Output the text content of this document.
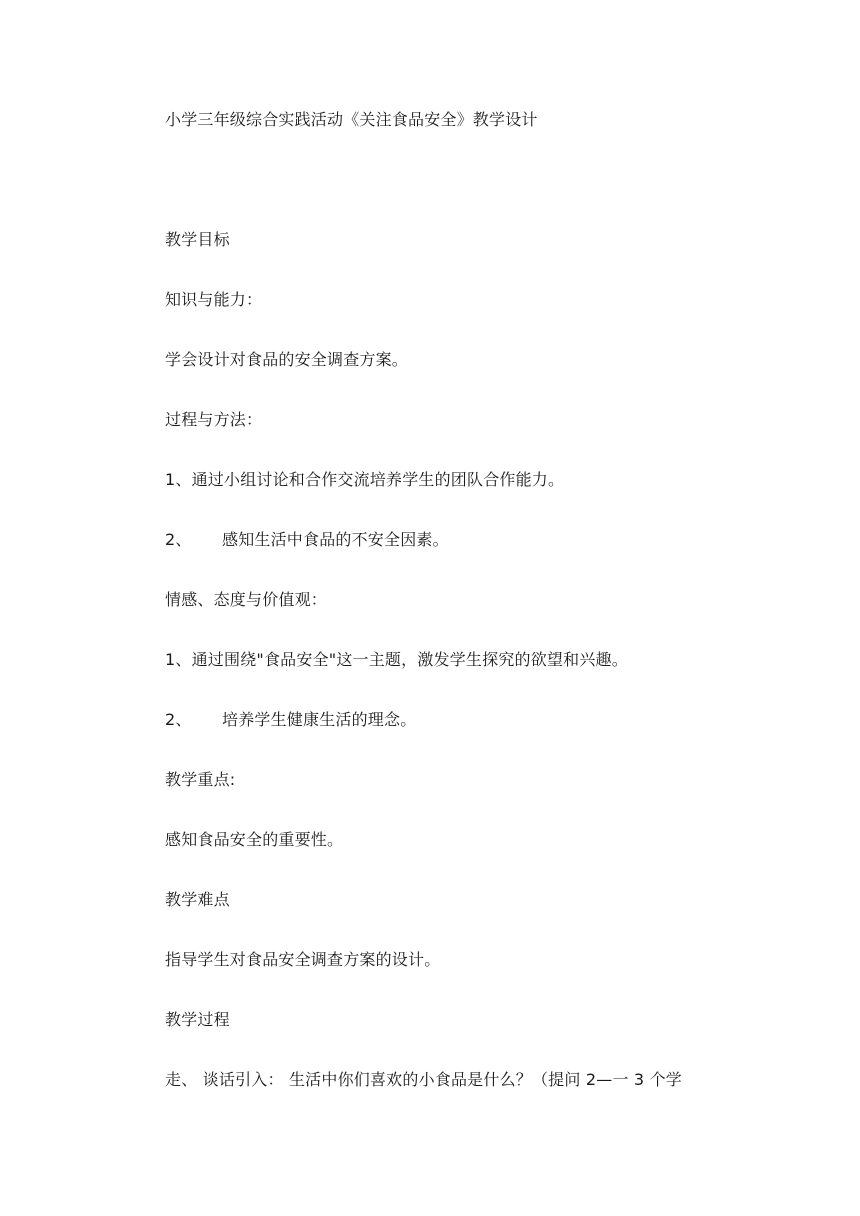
小学三年级综合实践活动《关注食品安全》教学设计
教学目标
知识与能力：
学会设计对食品的安全调查方案。
过程与方法：
1、通过小组讨论和合作交流培养学生的团队合作能力。
2、 感知生活中食品的不安全因素。
情感、态度与价值观：
1、通过围绕"食品安全"这一主题，激发学生探究的欲望和兴趣。
2、 培养学生健康生活的理念。
教学重点:
感知食品安全的重要性。
教学难点
指导学生对食品安全调查方案的设计。
教学过程
走、 谈话引入： 生活中你们喜欢的小食品是什么？（提问 2—一 3 个学
